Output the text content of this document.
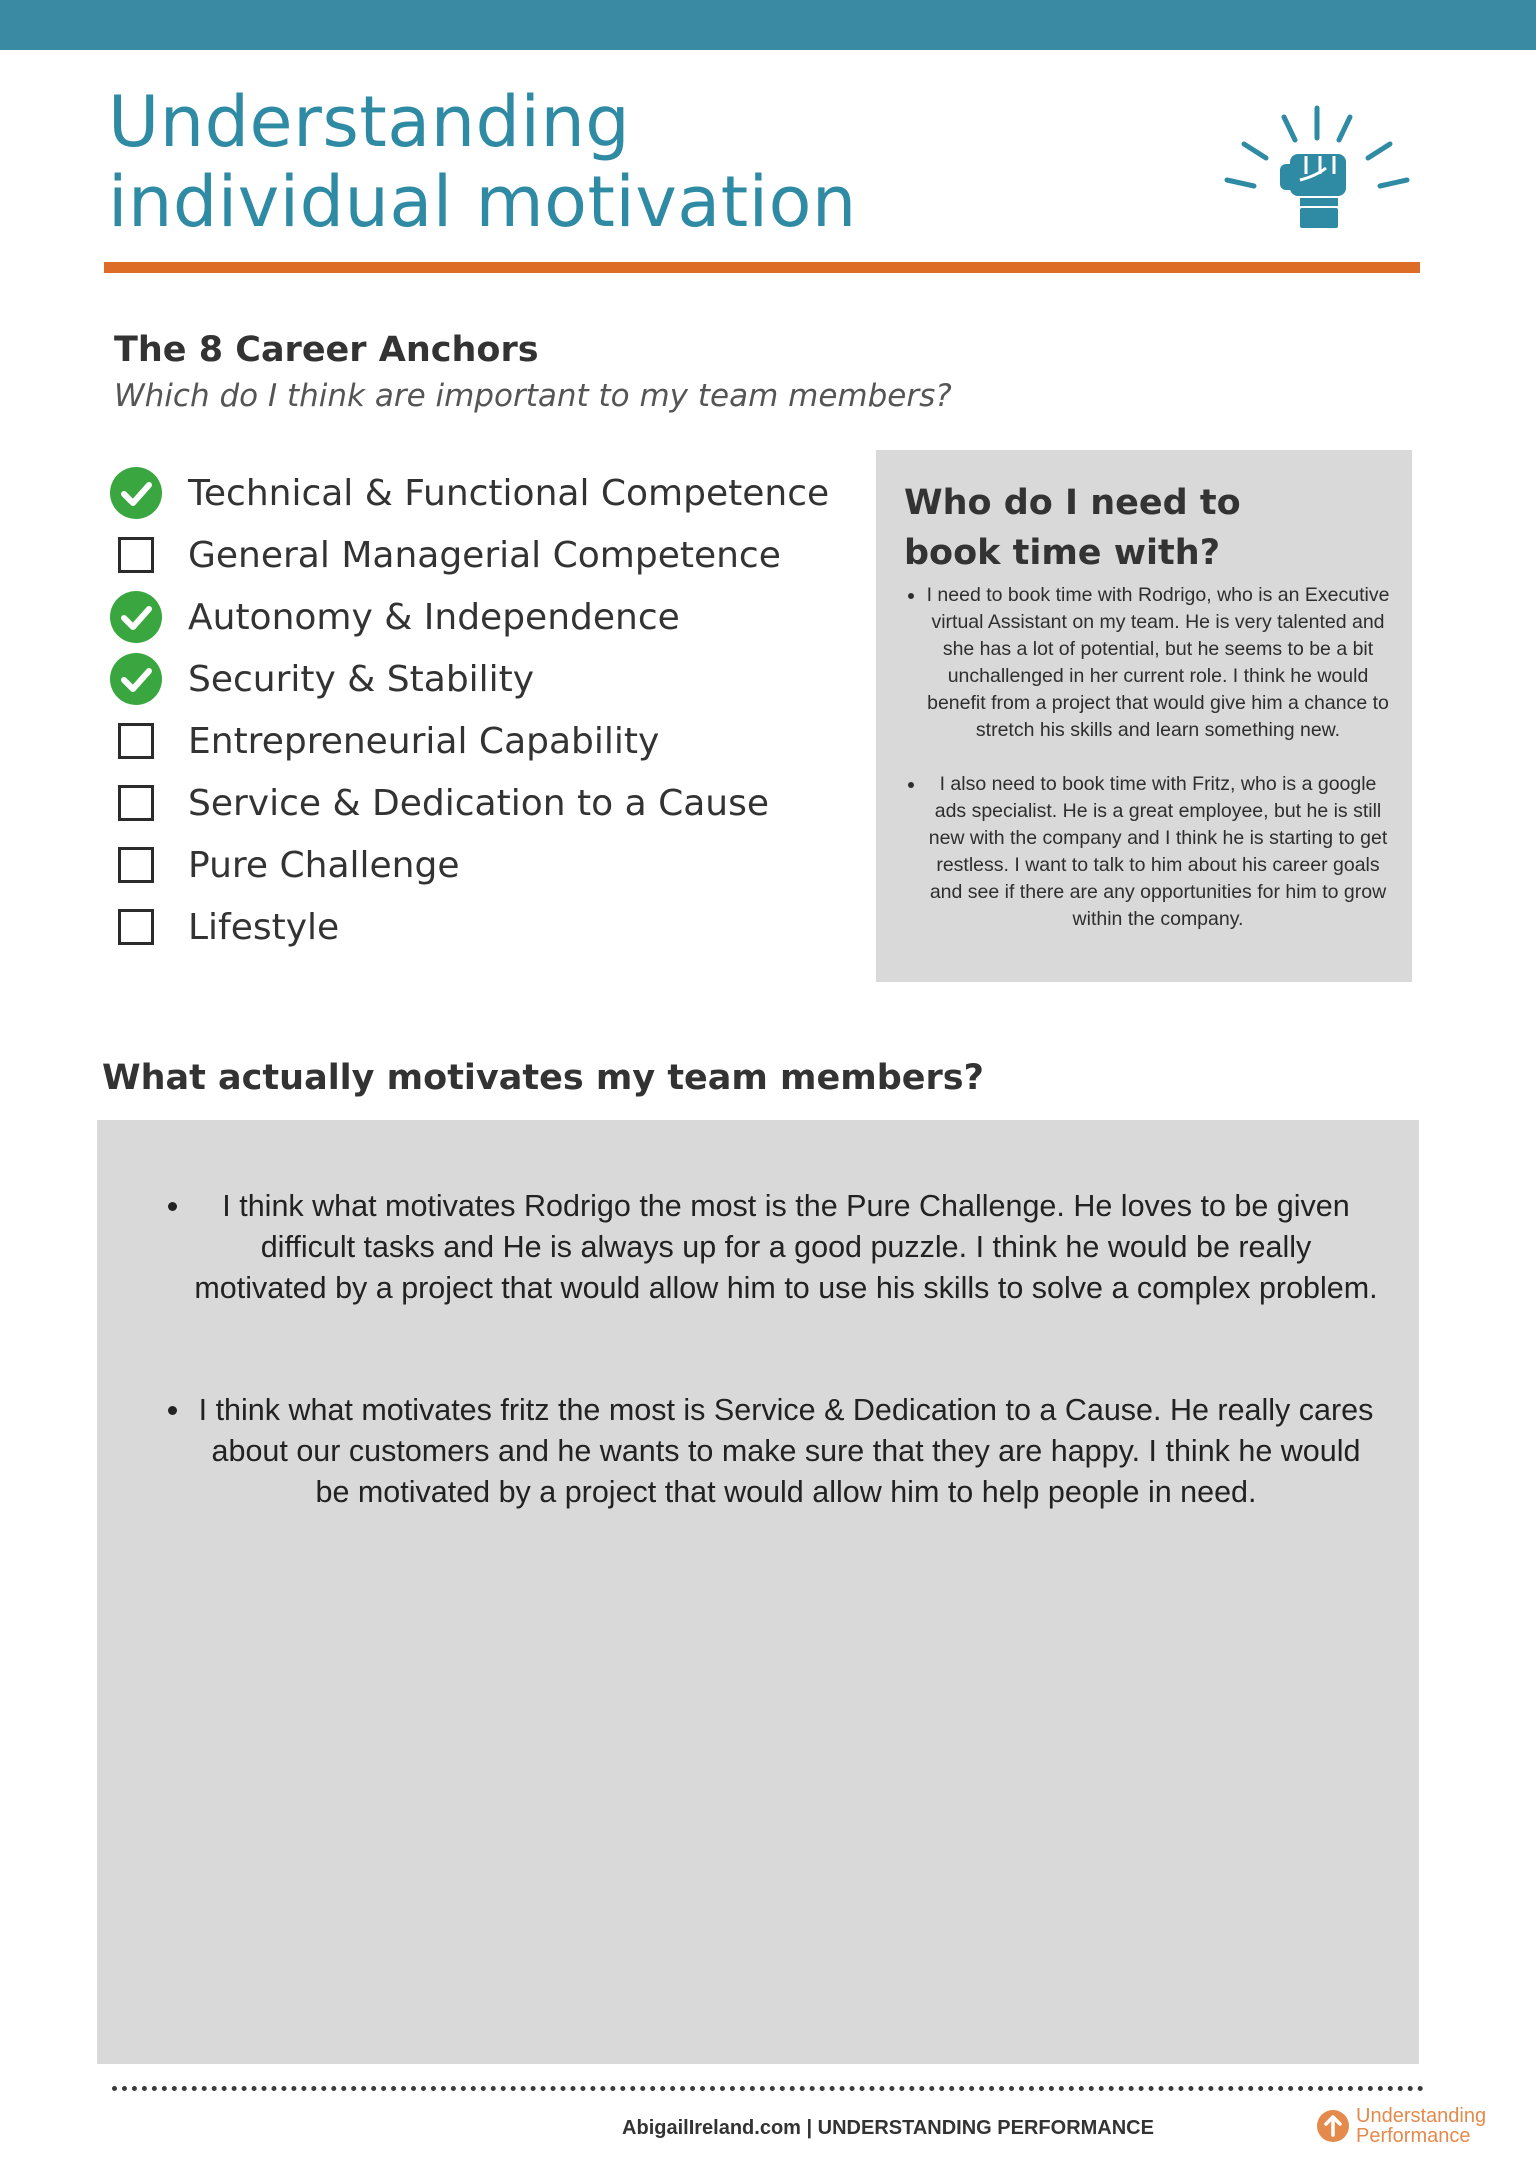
Understanding
individual motivation
The 8 Career Anchors

Which do I think are important to my team members?

Technical & Functional Competence
General Managerial Competence
Autonomy & Independence
Security & Stability
Entrepreneurial Capability
Service & Dedication to a Cause
Pure Challenge
Lifestyle
Who do I need to
book time with?
• I need to book time with Rodrigo, who is an Executive virtual Assistant on my team. He is very talented and she has a lot of potential, but he seems to be a bit unchallenged in her current role. I think he would benefit from a project that would give him a chance to stretch his skills and learn something new.
• I also need to book time with Fritz, who is a google ads specialist. He is a great employee, but he is still new with the company and I think he is starting to get restless. I want to talk to him about his career goals and see if there are any opportunities for him to grow within the company.
What actually motivates my team members?
• I think what motivates Rodrigo the most is the Pure Challenge. He loves to be given difficult tasks and He is always up for a good puzzle. I think he would be really motivated by a project that would allow him to use his skills to solve a complex problem.
• I think what motivates fritz the most is Service & Dedication to a Cause. He really cares about our customers and he wants to make sure that they are happy. I think he would be motivated by a project that would allow him to help people in need.

AbigailIreland.com | UNDERSTANDING PERFORMANCE

Understanding
Performance
